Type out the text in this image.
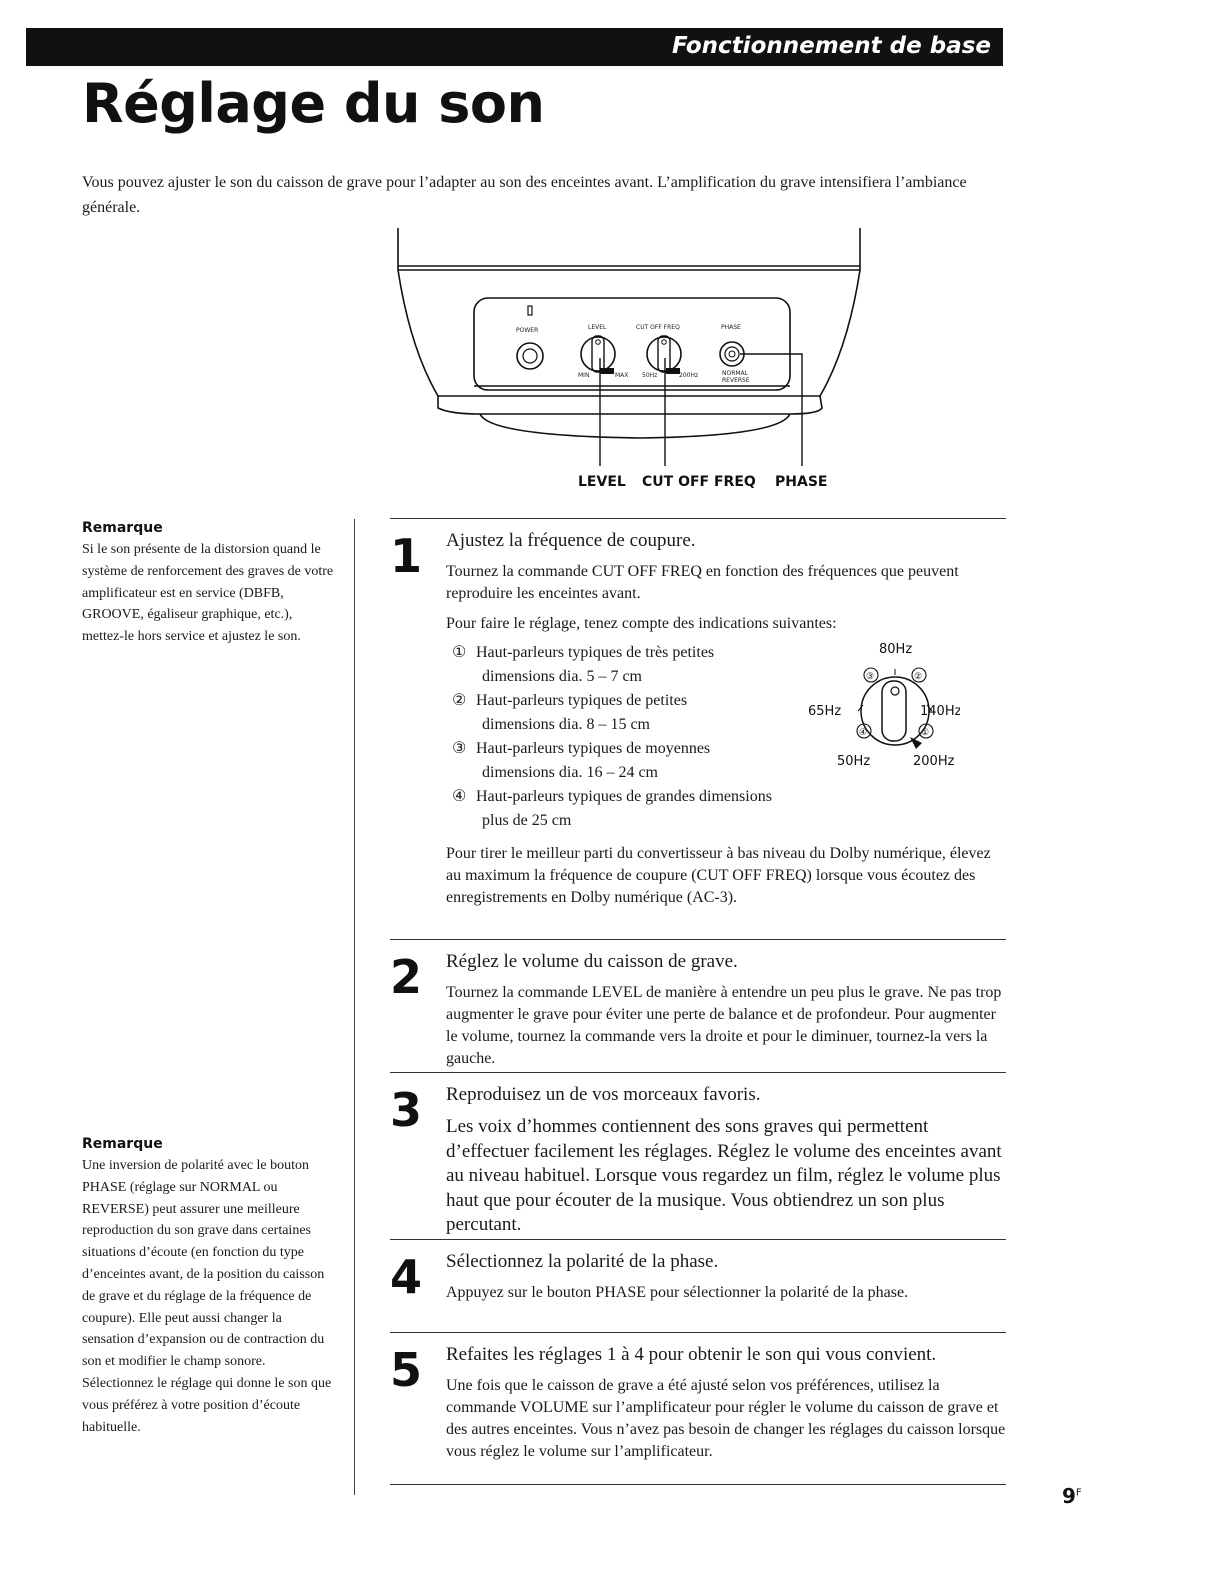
Fonctionnement de base
Réglage du son

Vous pouvez ajuster le son du caisson de grave pour l’adapter au son des enceintes avant. L’amplification du grave intensifiera l’ambiance générale.

POWER	LEVEL	CUT OFF FREQ	PHASE
MIN	MAX 50Hz	200Hz	NORMAL
REVERSE
LEVEL CUT OFF FREQ PHASE
Remarque

Si le son présente de la distorsion quand le système de renforcement des graves de votre amplificateur est en service (DBFB, GROOVE, égaliseur graphique, etc.), mettez-le hors service et ajustez le son.

Remarque

Une inversion de polarité avec le bouton PHASE (réglage sur NORMAL ou REVERSE) peut assurer une meilleure reproduction du son grave dans certaines situations d’écoute (en fonction du type d’enceintes avant, de la position du caisson de grave et du réglage de la fréquence de coupure). Elle peut aussi changer la sensation d’expansion ou de contraction du son et modifier le champ sonore. Sélectionnez le réglage qui donne le son que vous préférez à votre position d’écoute habituelle.

1	Ajustez la fréquence de coupure.

Tournez la commande CUT OFF FREQ en fonction des fréquences que peuvent reproduire les enceintes avant.

Pour faire le réglage, tenez compte des indications suivantes:

① Haut-parleurs typiques de très petites
dimensions dia. 5 – 7 cm
② Haut-parleurs typiques de petites
dimensions dia. 8 – 15 cm
③ Haut-parleurs typiques de moyennes
dimensions dia. 16 – 24 cm
④ Haut-parleurs typiques de grandes dimensions
plus de 25 cm

Pour tirer le meilleur parti du convertisseur à bas niveau du Dolby numérique, élevez au maximum la fréquence de coupure (CUT OFF FREQ) lorsque vous écoutez des enregistrements en Dolby numérique (AC-3).

80Hz
65Hz	140Hz
50Hz	200Hz
③	②
④	①
2	Réglez le volume du caisson de grave.

Tournez la commande LEVEL de manière à entendre un peu plus le grave. Ne pas trop augmenter le grave pour éviter une perte de balance et de profondeur. Pour augmenter le volume, tournez la commande vers la droite et pour le diminuer, tournez-la vers la gauche.

3	Reproduisez un de vos morceaux favoris.

Les voix d’hommes contiennent des sons graves qui permettent d’effectuer facilement les réglages. Réglez le volume des enceintes avant au niveau habituel. Lorsque vous regardez un film, réglez le volume plus haut que pour écouter de la musique. Vous obtiendrez un son plus percutant.

4	Sélectionnez la polarité de la phase.

Appuyez sur le bouton PHASE pour sélectionner la polarité de la phase.

5	Refaites les réglages 1 à 4 pour obtenir le son qui vous convient.

Une fois que le caisson de grave a été ajusté selon vos préférences, utilisez la commande VOLUME sur l’amplificateur pour régler le volume du caisson de grave et des autres enceintes. Vous n’avez pas besoin de changer les réglages du caisson lorsque vous réglez le volume sur l’amplificateur.

$9^F$
